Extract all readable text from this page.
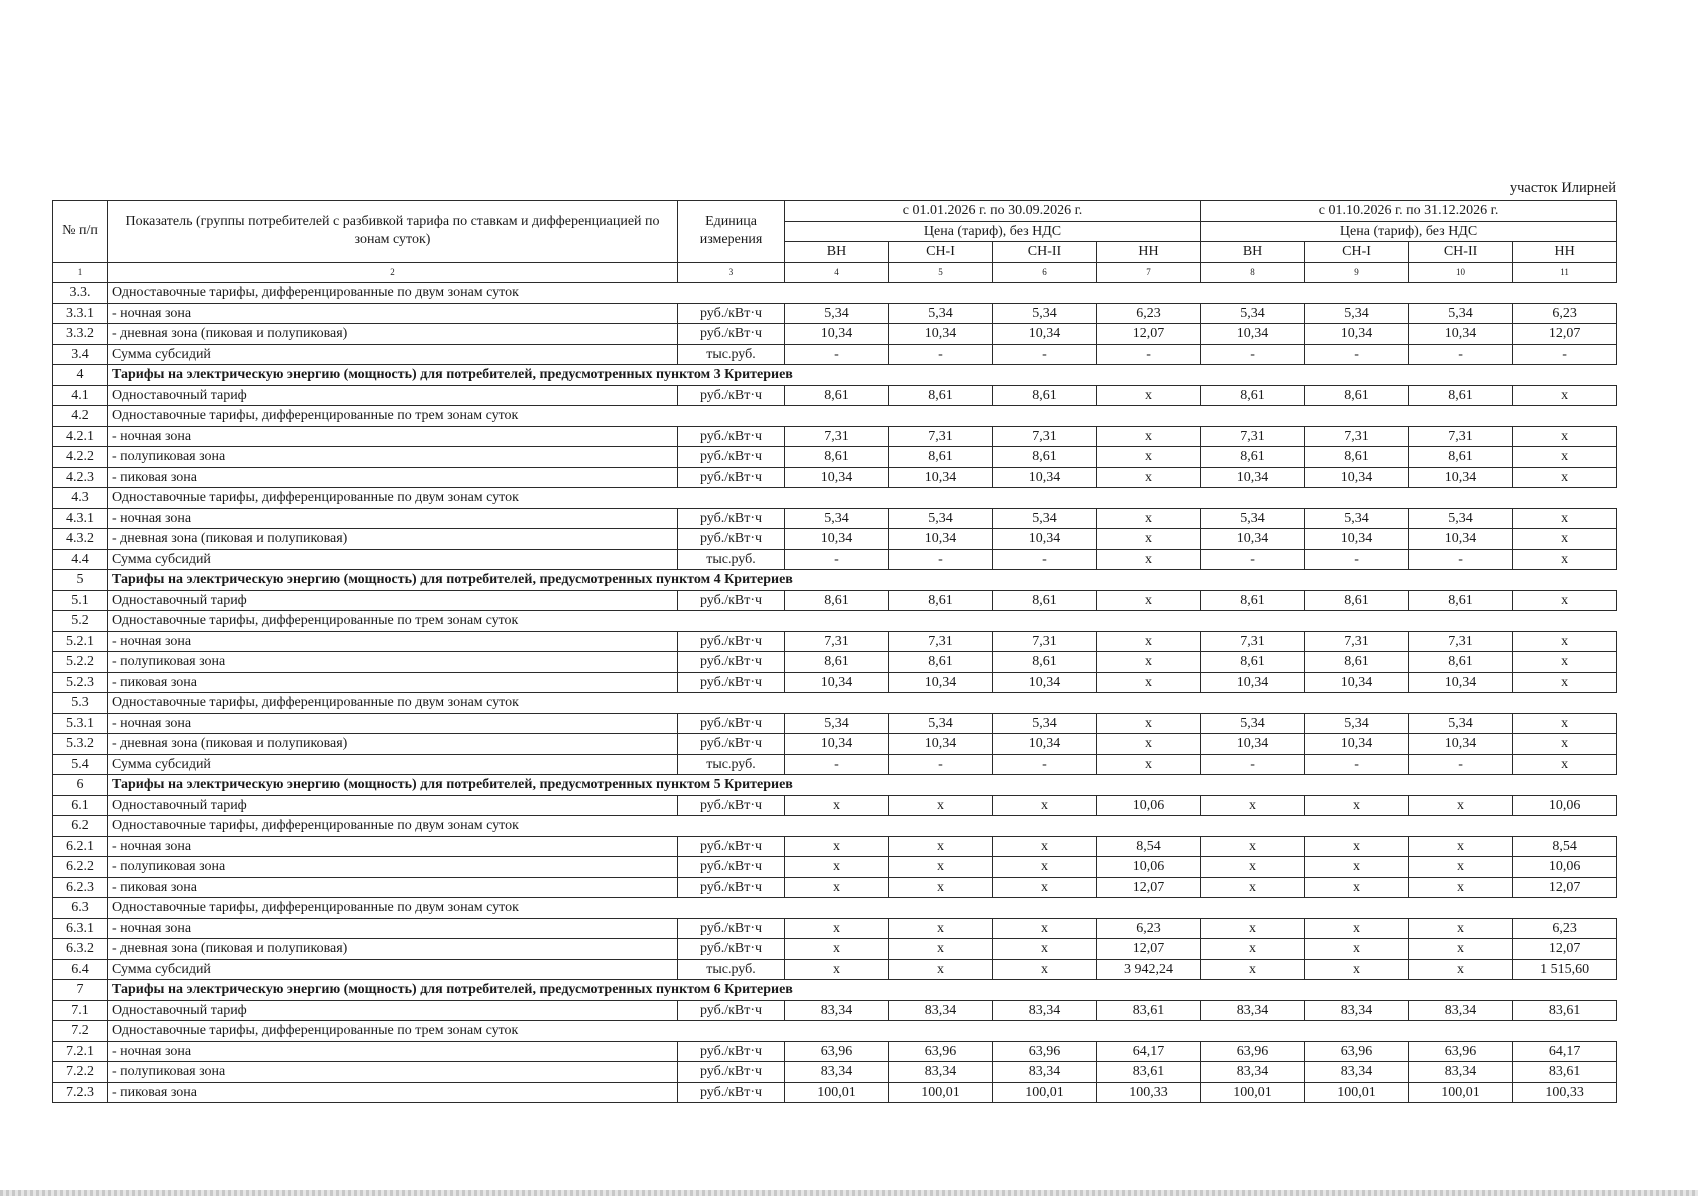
участок Илирней
№ п/п	Показатель (группы потребителей с разбивкой тарифа по ставкам и дифференциацией по зонам суток)	Единица измерения	с 01.01.2026 г. по 30.09.2026 г.				с 01.10.2026 г. по 31.12.2026 г.			
			Цена (тариф), без НДС				Цена (тариф), без НДС			
			ВН	СН-I	СН-II	НН	ВН	СН-I	СН-II	НН
1	2	3	4	5	6	7	8	9	10	11
3.3.	Одноставочные тарифы, дифференцированные по двум зонам суток									
3.3.1	- ночная зона	руб./кВт·ч	5,34	5,34	5,34	6,23	5,34	5,34	5,34	6,23
3.3.2	- дневная зона (пиковая и полупиковая)	руб./кВт·ч	10,34	10,34	10,34	12,07	10,34	10,34	10,34	12,07
3.4	Сумма субсидий	тыс.руб.	-	-	-	-	-	-	-	-
4	Тарифы на электрическую энергию (мощность) для потребителей, предусмотренных пунктом 3 Критериев									
4.1	Одноставочный тариф	руб./кВт·ч	8,61	8,61	8,61	x	8,61	8,61	8,61	x
4.2	Одноставочные тарифы, дифференцированные по трем зонам суток									
4.2.1	- ночная зона	руб./кВт·ч	7,31	7,31	7,31	x	7,31	7,31	7,31	x
4.2.2	- полупиковая зона	руб./кВт·ч	8,61	8,61	8,61	x	8,61	8,61	8,61	x
4.2.3	- пиковая зона	руб./кВт·ч	10,34	10,34	10,34	x	10,34	10,34	10,34	x
4.3	Одноставочные тарифы, дифференцированные по двум зонам суток									
4.3.1	- ночная зона	руб./кВт·ч	5,34	5,34	5,34	x	5,34	5,34	5,34	x
4.3.2	- дневная зона (пиковая и полупиковая)	руб./кВт·ч	10,34	10,34	10,34	x	10,34	10,34	10,34	x
4.4	Сумма субсидий	тыс.руб.	-	-	-	x	-	-	-	x
5	Тарифы на электрическую энергию (мощность) для потребителей, предусмотренных пунктом 4 Критериев									
5.1	Одноставочный тариф	руб./кВт·ч	8,61	8,61	8,61	x	8,61	8,61	8,61	x
5.2	Одноставочные тарифы, дифференцированные по трем зонам суток									
5.2.1	- ночная зона	руб./кВт·ч	7,31	7,31	7,31	x	7,31	7,31	7,31	x
5.2.2	- полупиковая зона	руб./кВт·ч	8,61	8,61	8,61	x	8,61	8,61	8,61	x
5.2.3	- пиковая зона	руб./кВт·ч	10,34	10,34	10,34	x	10,34	10,34	10,34	x
5.3	Одноставочные тарифы, дифференцированные по двум зонам суток									
5.3.1	- ночная зона	руб./кВт·ч	5,34	5,34	5,34	x	5,34	5,34	5,34	x
5.3.2	- дневная зона (пиковая и полупиковая)	руб./кВт·ч	10,34	10,34	10,34	x	10,34	10,34	10,34	x
5.4	Сумма субсидий	тыс.руб.	-	-	-	x	-	-	-	x
6	Тарифы на электрическую энергию (мощность) для потребителей, предусмотренных пунктом 5 Критериев									
6.1	Одноставочный тариф	руб./кВт·ч	x	x	x	10,06	x	x	x	10,06
6.2	Одноставочные тарифы, дифференцированные по двум зонам суток									
6.2.1	- ночная зона	руб./кВт·ч	x	x	x	8,54	x	x	x	8,54
6.2.2	- полупиковая зона	руб./кВт·ч	x	x	x	10,06	x	x	x	10,06
6.2.3	- пиковая зона	руб./кВт·ч	x	x	x	12,07	x	x	x	12,07
6.3	Одноставочные тарифы, дифференцированные по двум зонам суток									
6.3.1	- ночная зона	руб./кВт·ч	x	x	x	6,23	x	x	x	6,23
6.3.2	- дневная зона (пиковая и полупиковая)	руб./кВт·ч	x	x	x	12,07	x	x	x	12,07
6.4	Сумма субсидий	тыс.руб.	x	x	x	3 942,24	x	x	x	1 515,60
7	Тарифы на электрическую энергию (мощность) для потребителей, предусмотренных пунктом 6 Критериев									
7.1	Одноставочный тариф	руб./кВт·ч	83,34	83,34	83,34	83,61	83,34	83,34	83,34	83,61
7.2	Одноставочные тарифы, дифференцированные по трем зонам суток									
7.2.1	- ночная зона	руб./кВт·ч	63,96	63,96	63,96	64,17	63,96	63,96	63,96	64,17
7.2.2	- полупиковая зона	руб./кВт·ч	83,34	83,34	83,34	83,61	83,34	83,34	83,34	83,61
7.2.3	- пиковая зона	руб./кВт·ч	100,01	100,01	100,01	100,33	100,01	100,01	100,01	100,33
